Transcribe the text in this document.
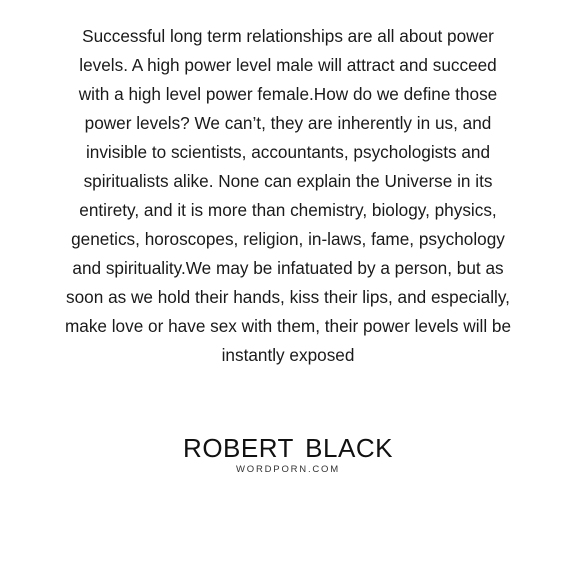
Successful long term relationships are all about power
levels. A high power level male will attract and succeed
with a high level power female.How do we define those
power levels? We can’t, they are inherently in us, and
invisible to scientists, accountants, psychologists and
spiritualists alike. None can explain the Universe in its
entirety, and it is more than chemistry, biology, physics,
genetics, horoscopes, religion, in-laws, fame, psychology
and spirituality.We may be infatuated by a person, but as
soon as we hold their hands, kiss their lips, and especially,
make love or have sex with them, their power levels will be
instantly exposed

ROBERT BLACK
WORDPORN.COM
